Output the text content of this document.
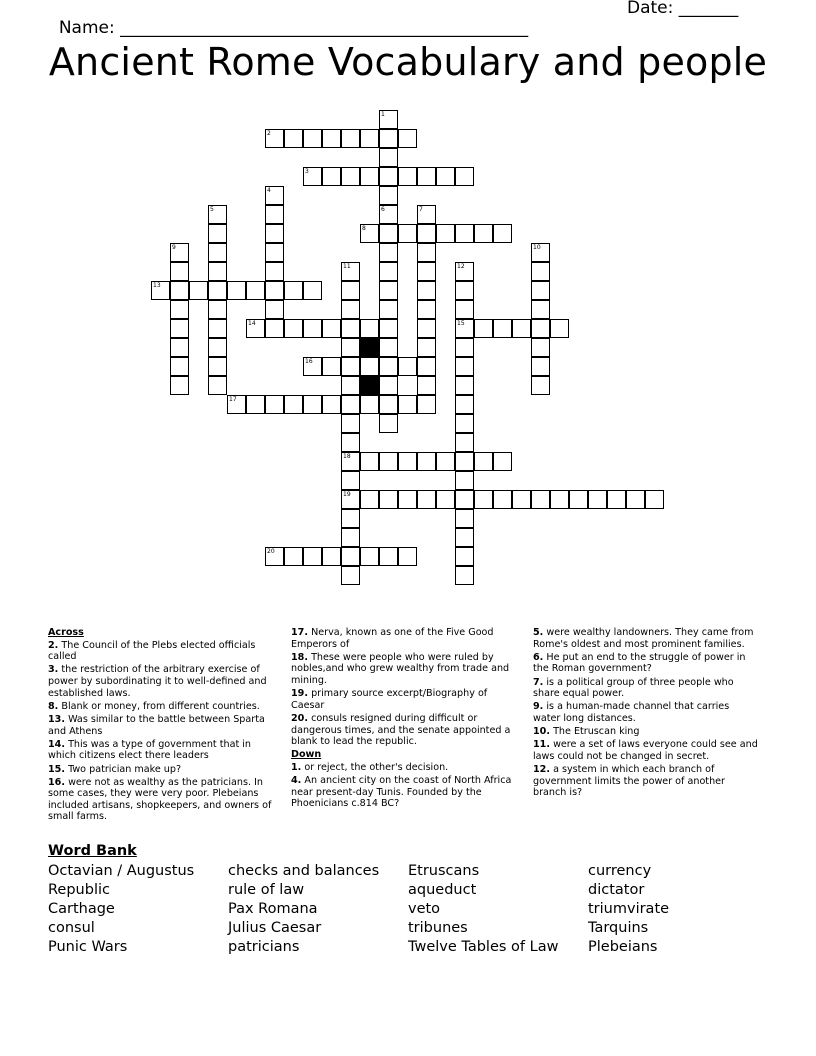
Name: ________________________________________________

Date: _______

Ancient Rome Vocabulary and people
1
2
3
4
5	6	7
8
9	10
11	12
13
14	15
16
17
18
19
20
Across
2. The Council of the Plebs elected officials called
3. the restriction of the arbitrary exercise of power by subordinating it to well-defined and established laws.
8. Blank or money, from different countries.
13. Was similar to the battle between Sparta and Athens
14. This was a type of government that in which citizens elect there leaders
15. Two patrician make up?
16. were not as wealthy as the patricians. In some cases, they were very poor. Plebeians included artisans, shopkeepers, and owners of small farms.
17. Nerva, known as one of the Five Good Emperors of
18. These were people who were ruled by nobles,and who grew wealthy from trade and mining.
19. primary source excerpt/Biography of Caesar
20. consuls resigned during difficult or dangerous times, and the senate appointed a blank to lead the republic.
Down
1. or reject, the other's decision.
4. An ancient city on the coast of North Africa near present-day Tunis. Founded by the Phoenicians c.814 BC?
5. were wealthy landowners. They came from Rome's oldest and most prominent families.
6. He put an end to the struggle of power in the Roman government?
7. is a political group of three people who share equal power.
9. is a human-made channel that carries water long distances.
10. The Etruscan king
11. were a set of laws everyone could see and laws could not be changed in secret.
12. a system in which each branch of government limits the power of another branch is?
Word Bank
Octavian / Augustus
Republic
Carthage
consul
Punic Wars
checks and balances
rule of law
Pax Romana
Julius Caesar
patricians
Etruscans
aqueduct
veto
tribunes
Twelve Tables of Law
currency
dictator
triumvirate
Tarquins
Plebeians
